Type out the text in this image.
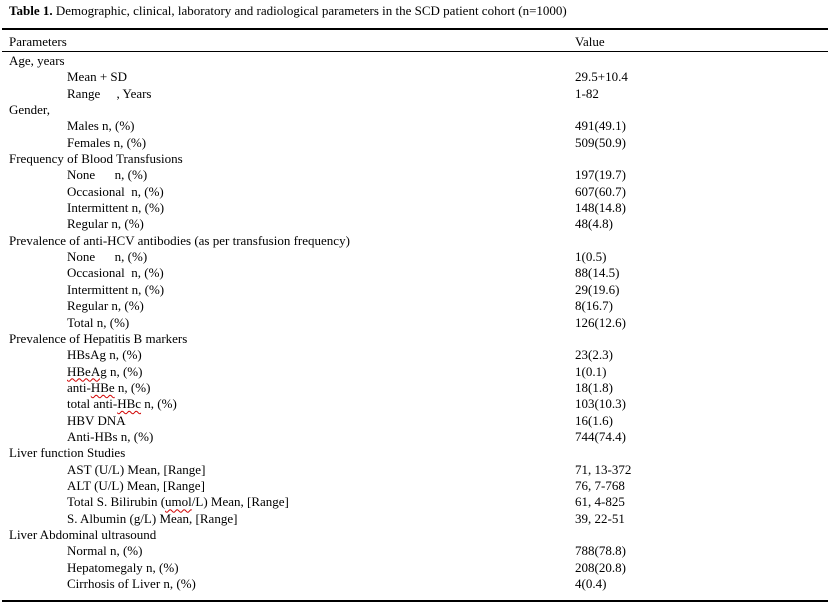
Table 1. Demographic, clinical, laboratory and radiological parameters in the SCD patient cohort (n=1000)
Parameters	Value
Age, years
Mean + SD	29.5+10.4
Range     , Years	1-82
Gender,
Males n, (%)	491(49.1)
Females n, (%)	509(50.9)
Frequency of Blood Transfusions
None      n, (%)	197(19.7)
Occasional  n, (%)	607(60.7)
Intermittent n, (%)	148(14.8)
Regular n, (%)	48(4.8)
Prevalence of anti-HCV antibodies (as per transfusion frequency)
None      n, (%)	1(0.5)
Occasional  n, (%)	88(14.5)
Intermittent n, (%)	29(19.6)
Regular n, (%)	8(16.7)
Total n, (%)	126(12.6)
Prevalence of Hepatitis B markers
HBsAg n, (%)	23(2.3)
HBeAg n, (%)	1(0.1)
anti-HBe n, (%)	18(1.8)
total anti-HBc n, (%)	103(10.3)
HBV DNA	16(1.6)
Anti-HBs n, (%)	744(74.4)
Liver function Studies
AST (U/L) Mean, [Range]	71, 13-372
ALT (U/L) Mean, [Range]	76, 7-768
Total S. Bilirubin (umol/L) Mean, [Range]	61, 4-825
S. Albumin (g/L) Mean, [Range]	39, 22-51
Liver Abdominal ultrasound
Normal n, (%)	788(78.8)
Hepatomegaly n, (%)	208(20.8)
Cirrhosis of Liver n, (%)	4(0.4)
